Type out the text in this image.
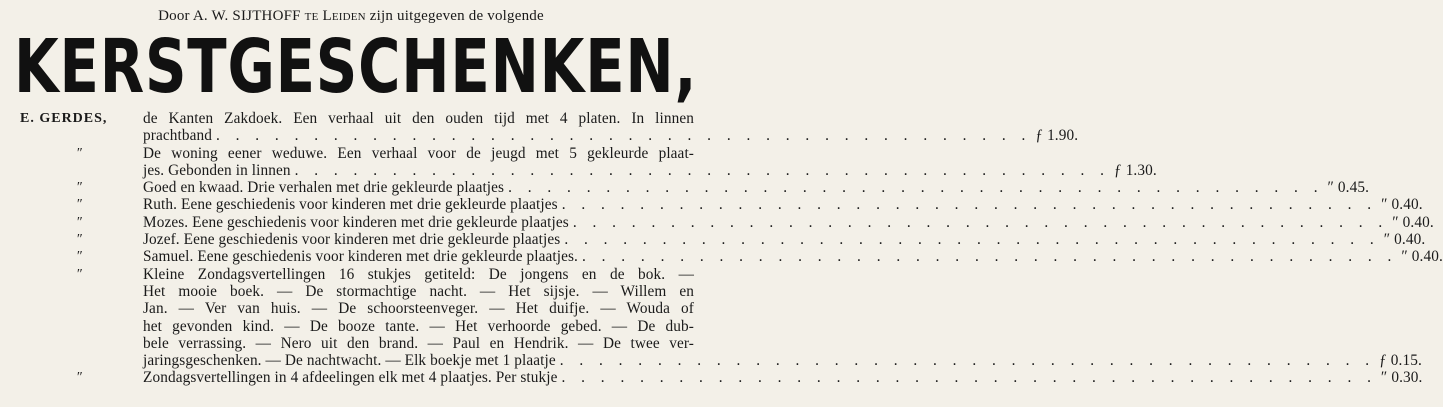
Door A. W. SIJTHOFF te Leiden zijn uitgegeven de volgende
KERSTGESCHENKEN,
E. GERDES, de Kanten Zakdoek. Een verhaal uit den ouden tijd met 4 platen. In linnen
prachtband . . . . . . . . . . . . . . . . . . . . . . . . . . . . . . . . . . . . . . . . . . ƒ 1.90.
″	De woning eener weduwe. Een verhaal voor de jeugd met 5 gekleurde plaat-
jes. Gebonden in linnen . . . . . . . . . . . . . . . . . . . . . . . . . . . . . . . . . . . . . . . . . . ƒ 1.30.
″	Goed en kwaad. Drie verhalen met drie gekleurde plaatjes . . . . . . . . . . . . . . . . . . . . . . . . . . . . . . . . . . . . . . . . . . ″ 0.45.
″	Ruth. Eene geschiedenis voor kinderen met drie gekleurde plaatjes . . . . . . . . . . . . . . . . . . . . . . . . . . . . . . . . . . . . . . . . . . ″ 0.40.
″	Mozes. Eene geschiedenis voor kinderen met drie gekleurde plaatjes . . . . . . . . . . . . . . . . . . . . . . . . . . . . . . . . . . . . . . . . . . ″ 0.40.
″	Jozef. Eene geschiedenis voor kinderen met drie gekleurde plaatjes . . . . . . . . . . . . . . . . . . . . . . . . . . . . . . . . . . . . . . . . . . ″ 0.40.
″	Samuel. Eene geschiedenis voor kinderen met drie gekleurde plaatjes. . . . . . . . . . . . . . . . . . . . . . . . . . . . . . . . . . . . . . . . . . . ″ 0.40.
″	Kleine Zondagsvertellingen 16 stukjes getiteld: De jongens en de bok. —
Het mooie boek. — De stormachtige nacht. — Het sijsje. — Willem en
Jan. — Ver van huis. — De schoorsteenveger. — Het duifje. — Wouda of
het gevonden kind. — De booze tante. — Het verhoorde gebed. — De dub-
bele verrassing. — Nero uit den brand. — Paul en Hendrik. — De twee ver-
jaringsgeschenken. — De nachtwacht. — Elk boekje met 1 plaatje . . . . . . . . . . . . . . . . . . . . . . . . . . . . . . . . . . . . . . . . . . ƒ 0.15.
″	Zondagsvertellingen in 4 afdeelingen elk met 4 plaatjes. Per stukje . . . . . . . . . . . . . . . . . . . . . . . . . . . . . . . . . . . . . . . . . . ″ 0.30.
